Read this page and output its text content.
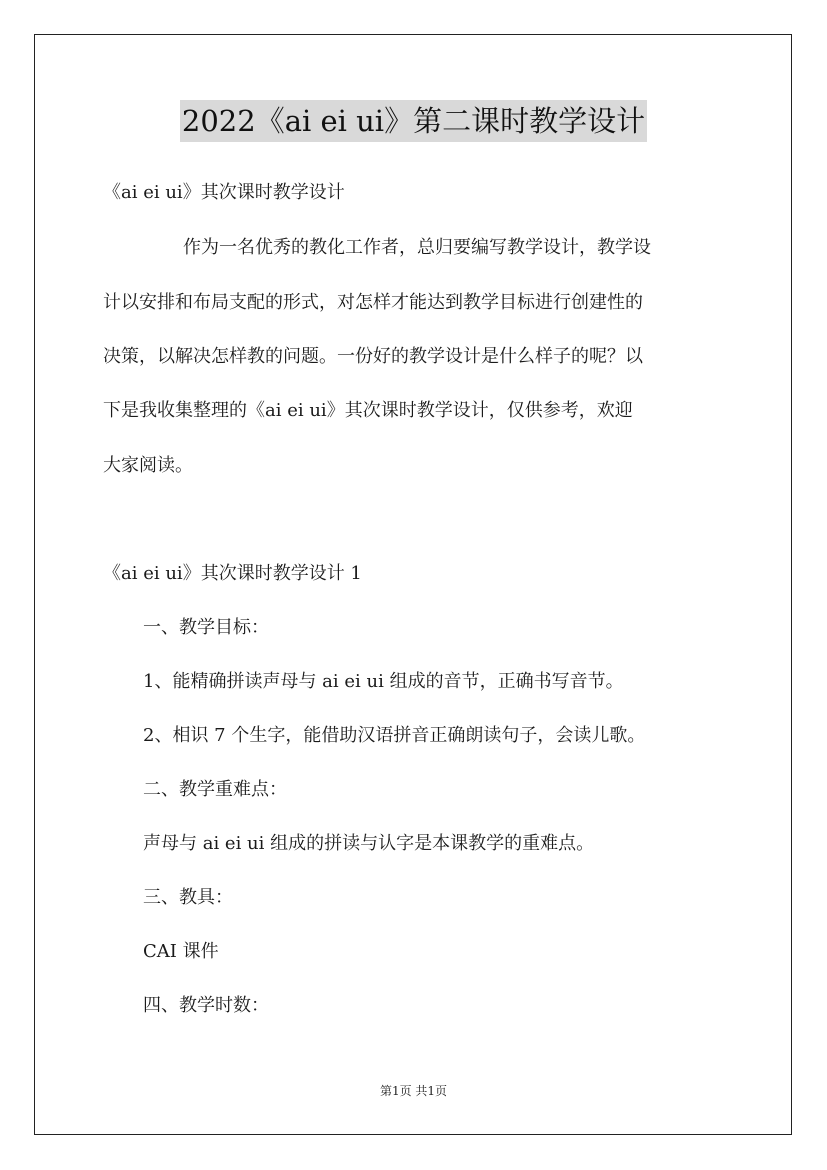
2022《ai ei ui》第二课时教学设计
《ai ei ui》其次课时教学设计
作为一名优秀的教化工作者，总归要编写教学设计，教学设
计以安排和布局支配的形式，对怎样才能达到教学目标进行创建性的
决策，以解决怎样教的问题。一份好的教学设计是什么样子的呢？以
下是我收集整理的《ai ei ui》其次课时教学设计，仅供参考，欢迎
大家阅读。
《ai ei ui》其次课时教学设计 1
一、教学目标：
1、能精确拼读声母与 ai ei ui 组成的音节，正确书写音节。
2、相识 7 个生字，能借助汉语拼音正确朗读句子，会读儿歌。
二、教学重难点：
声母与 ai ei ui 组成的拼读与认字是本课教学的重难点。
三、教具：
CAI 课件
四、教学时数：
第1页 共1页
